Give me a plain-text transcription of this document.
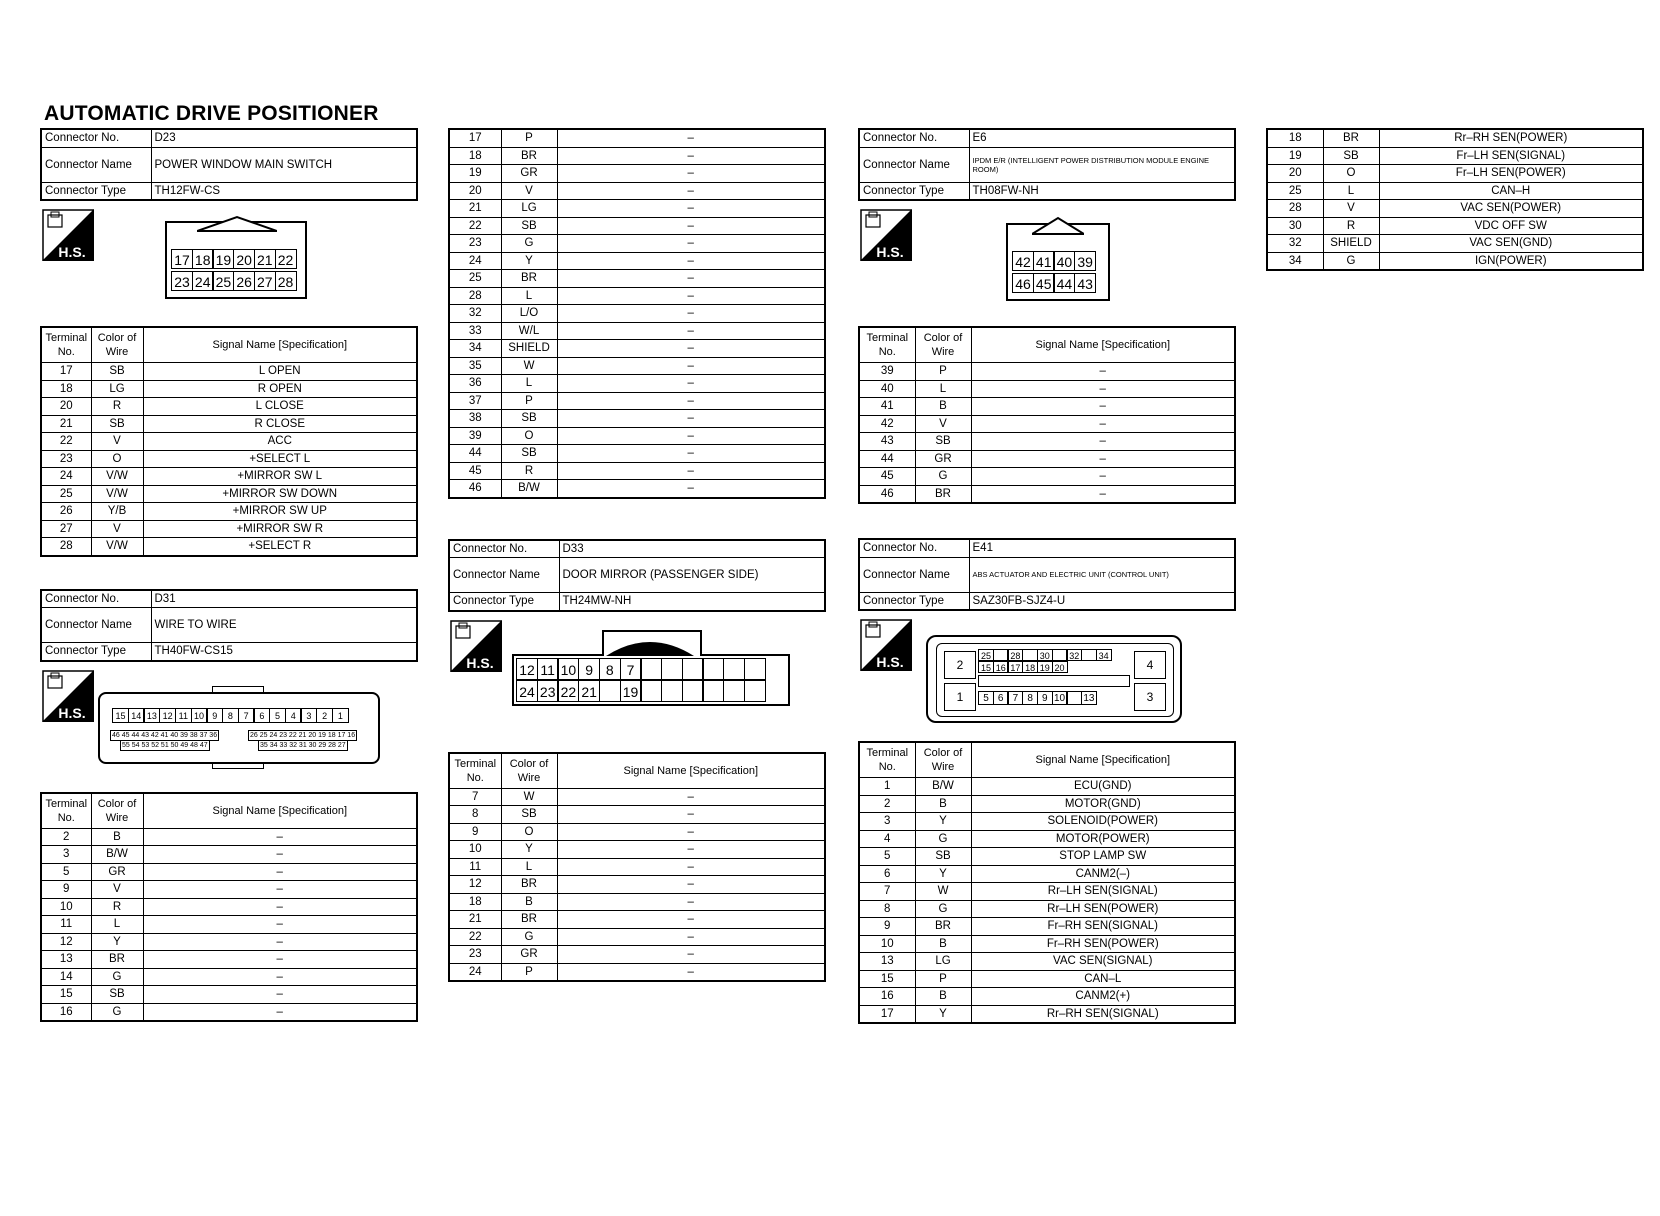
AUTOMATIC DRIVE POSITIONER
Connector No.	D23
Connector Name	POWER WINDOW MAIN SWITCH
Connector Type	TH12FW-CS
H.S.	17 18 19 20 21 22
23 24 25 26 27 28
Terminal No.	Color of Wire	Signal Name [Specification]
17	SB	L OPEN
18	LG	R OPEN
20	R	L CLOSE
21	SB	R CLOSE
22	V	ACC
23	O	+SELECT L
24	V/W	+MIRROR SW L
25	V/W	+MIRROR SW DOWN
26	Y/B	+MIRROR SW UP
27	V	+MIRROR SW R
28	V/W	+SELECT R
Connector No.	D31
Connector Name	WIRE TO WIRE
Connector Type	TH40FW-CS15
H.S.	15 14 13 12 11 10 9	8	7	6	5	4	3	2	1
46 45 44 43 42 41 40 39 38 37 36	26 25 24 23 22 21 20 19 18 17 16
55 54 53 52 51 50 49 48 47	35 34 33 32 31 30 29 28 27
Terminal No.	Color of Wire	Signal Name [Specification]
2	B	–
3	B/W	–
5	GR	–
9	V	–
10	R	–
11	L	–
12	Y	–
13	BR	–
14	G	–
15	SB	–
16	G	–
17	P	–
18	BR	–
19	GR	–
20	V	–
21	LG	–
22	SB	–
23	G	–
24	Y	–
25	BR	–
28	L	–
32	L/O	–
33	W/L	–
34	SHIELD	–
35	W	–
36	L	–
37	P	–
38	SB	–
39	O	–
44	SB	–
45	R	–
46	B/W	–
Connector No.	D33
Connector Name	DOOR MIRROR (PASSENGER SIDE)
Connector Type	TH24MW-NH
H.S. 12 11 10 9 8 7
24 23 22 21 19
Terminal No.	Color of Wire	Signal Name [Specification]
7	W	–
8	SB	–
9	O	–
10	Y	–
11	L	–
12	BR	–
18	B	–
21	BR	–
22	G	–
23	GR	–
24	P	–
Connector No.	E6
Connector Name	IPDM E/R (INTELLIGENT POWER DISTRIBUTION MODULE ENGINE ROOM)
Connector Type	TH08FW-NH
H.S.
42 41 40 39
46 45 44 43
Terminal No.	Color of Wire	Signal Name [Specification]
39	P	–
40	L	–
41	B	–
42	V	–
43	SB	–
44	GR	–
45	G	–
46	BR	–
Connector No.	E41
Connector Name	ABS ACTUATOR AND ELECTRIC UNIT (CONTROL UNIT)
Connector Type	SAZ30FB-SJZ4-U
H.S.	2
1
4
3
25	28	30	32	34
15 16 17 18 19 20
5 6 7 8 9 10 13
Terminal No.	Color of Wire	Signal Name [Specification]
1	B/W	ECU(GND)
2	B	MOTOR(GND)
3	Y	SOLENOID(POWER)
4	G	MOTOR(POWER)
5	SB	STOP LAMP SW
6	Y	CANM2(–)
7	W	Rr–LH SEN(SIGNAL)
8	G	Rr–LH SEN(POWER)
9	BR	Fr–RH SEN(SIGNAL)
10	B	Fr–RH SEN(POWER)
13	LG	VAC SEN(SIGNAL)
15	P	CAN–L
16	B	CANM2(+)
17	Y	Rr–RH SEN(SIGNAL)
18	BR	Rr–RH SEN(POWER)
19	SB	Fr–LH SEN(SIGNAL)
20	O	Fr–LH SEN(POWER)
25	L	CAN–H
28	V	VAC SEN(POWER)
30	R	VDC OFF SW
32	SHIELD	VAC SEN(GND)
34	G	IGN(POWER)
